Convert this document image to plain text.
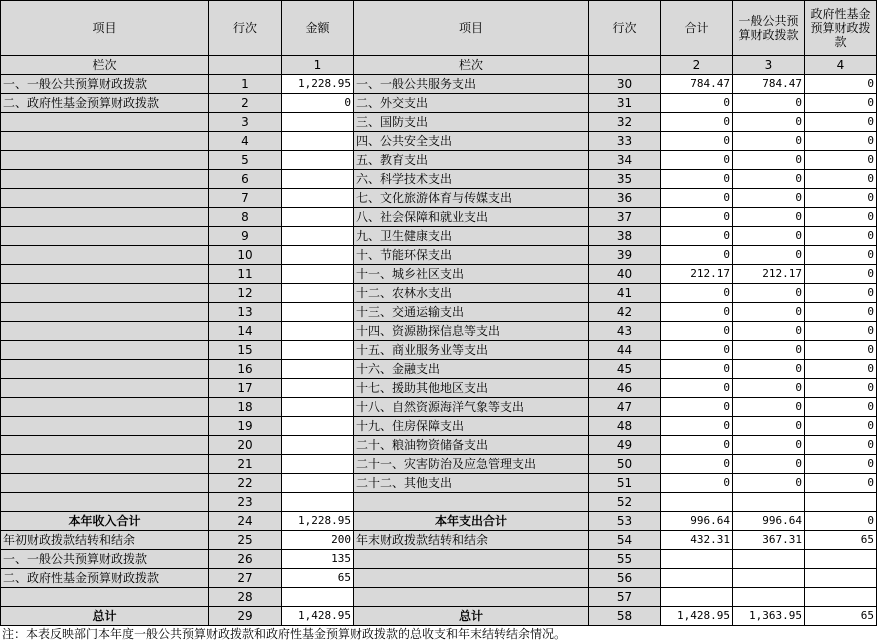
项目	行次	金额	项目	行次	合计	一般公共预算财政拨款	政府性基金预算财政拨款
栏次		1	栏次		2	3	4
一、一般公共预算财政拨款	1	1,228.95	一、一般公共服务支出	30	784.47	784.47	0
二、政府性基金预算财政拨款	2	0	二、外交支出	31	0	0	0
	3		三、国防支出	32	0	0	0
	4		四、公共安全支出	33	0	0	0
	5		五、教育支出	34	0	0	0
	6		六、科学技术支出	35	0	0	0
	7		七、文化旅游体育与传媒支出	36	0	0	0
	8		八、社会保障和就业支出	37	0	0	0
	9		九、卫生健康支出	38	0	0	0
	10		十、节能环保支出	39	0	0	0
	11		十一、城乡社区支出	40	212.17	212.17	0
	12		十二、农林水支出	41	0	0	0
	13		十三、交通运输支出	42	0	0	0
	14		十四、资源勘探信息等支出	43	0	0	0
	15		十五、商业服务业等支出	44	0	0	0
	16		十六、金融支出	45	0	0	0
	17		十七、援助其他地区支出	46	0	0	0
	18		十八、自然资源海洋气象等支出	47	0	0	0
	19		十九、住房保障支出	48	0	0	0
	20		二十、粮油物资储备支出	49	0	0	0
	21		二十一、灾害防治及应急管理支出	50	0	0	0
	22		二十二、其他支出	51	0	0	0
	23			52			
本年收入合计	24	1,228.95	本年支出合计	53	996.64	996.64	0
年初财政拨款结转和结余	25	200	年末财政拨款结转和结余	54	432.31	367.31	65
一、一般公共预算财政拨款	26	135		55			
二、政府性基金预算财政拨款	27	65		56			
	28			57			
总计	29	1,428.95	总计	58	1,428.95	1,363.95	65
注：本表反映部门本年度一般公共预算财政拨款和政府性基金预算财政拨款的总收支和年末结转结余情况。
